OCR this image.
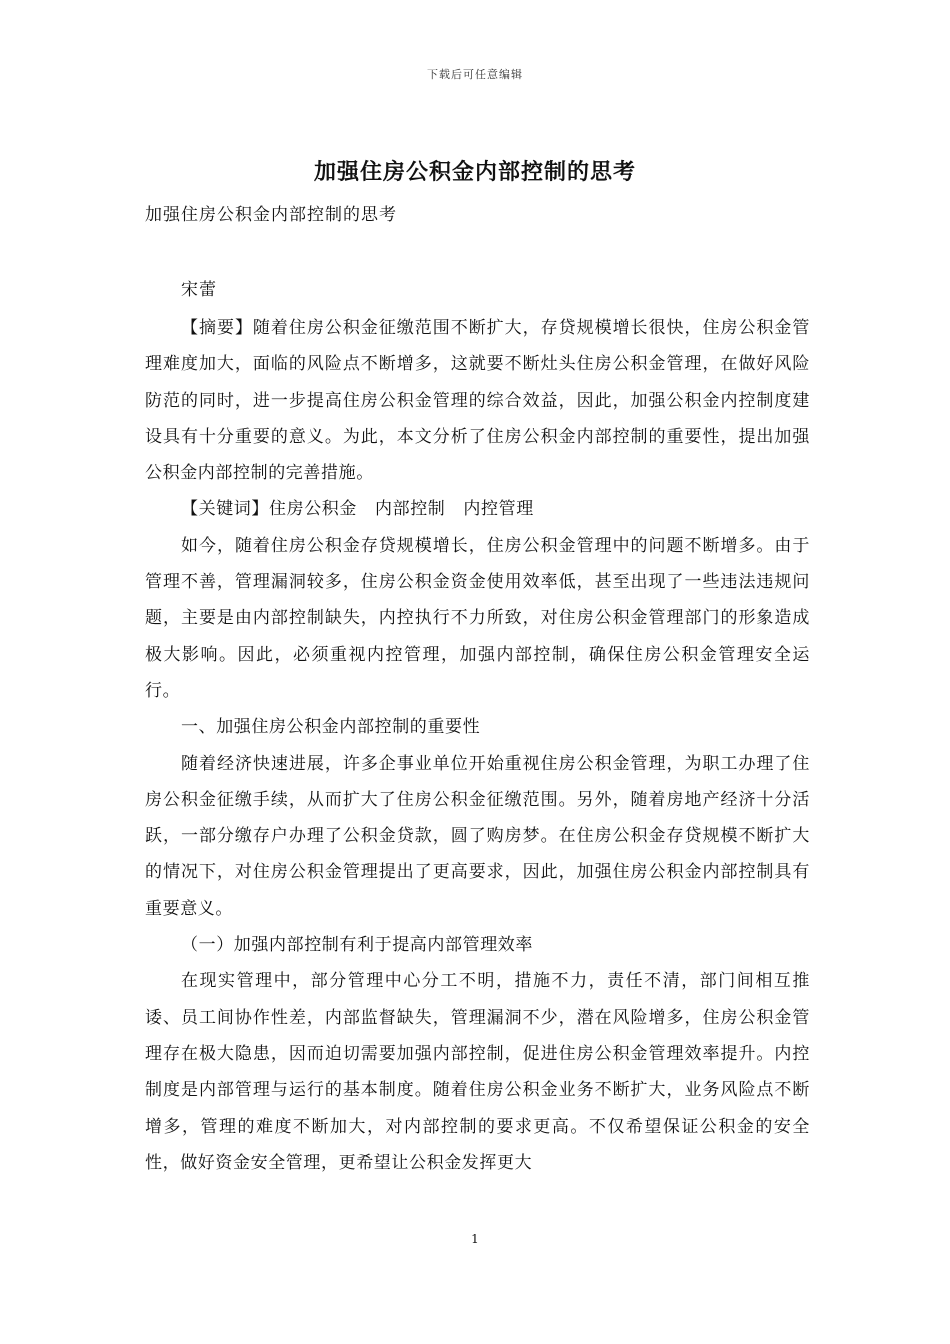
下载后可任意编辑
加强住房公积金内部控制的思考
加强住房公积金内部控制的思考
宋蕾

【摘要】随着住房公积金征缴范围不断扩大，存贷规模增长很快，住房公积金管理难度加大，面临的风险点不断增多，这就要不断灶头住房公积金管理，在做好风险防范的同时，进一步提高住房公积金管理的综合效益，因此，加强公积金内控制度建设具有十分重要的意义。为此，本文分析了住房公积金内部控制的重要性，提出加强公积金内部控制的完善措施。

【关键词】住房公积金 内部控制 内控管理

如今，随着住房公积金存贷规模增长，住房公积金管理中的问题不断增多。由于管理不善，管理漏洞较多，住房公积金资金使用效率低，甚至出现了一些违法违规问题，主要是由内部控制缺失，内控执行不力所致，对住房公积金管理部门的形象造成极大影响。因此，必须重视内控管理，加强内部控制，确保住房公积金管理安全运行。

一、加强住房公积金内部控制的重要性

随着经济快速进展，许多企事业单位开始重视住房公积金管理，为职工办理了住房公积金征缴手续，从而扩大了住房公积金征缴范围。另外，随着房地产经济十分活跃，一部分缴存户办理了公积金贷款，圆了购房梦。在住房公积金存贷规模不断扩大的情况下，对住房公积金管理提出了更高要求，因此，加强住房公积金内部控制具有重要意义。

（一）加强内部控制有利于提高内部管理效率

在现实管理中，部分管理中心分工不明，措施不力，责任不清，部门间相互推诿、员工间协作性差，内部监督缺失，管理漏洞不少，潜在风险增多，住房公积金管理存在极大隐患，因而迫切需要加强内部控制，促进住房公积金管理效率提升。内控制度是内部管理与运行的基本制度。随着住房公积金业务不断扩大，业务风险点不断增多，管理的难度不断加大，对内部控制的要求更高。不仅希望保证公积金的安全性，做好资金安全管理，更希望让公积金发挥更大

1
